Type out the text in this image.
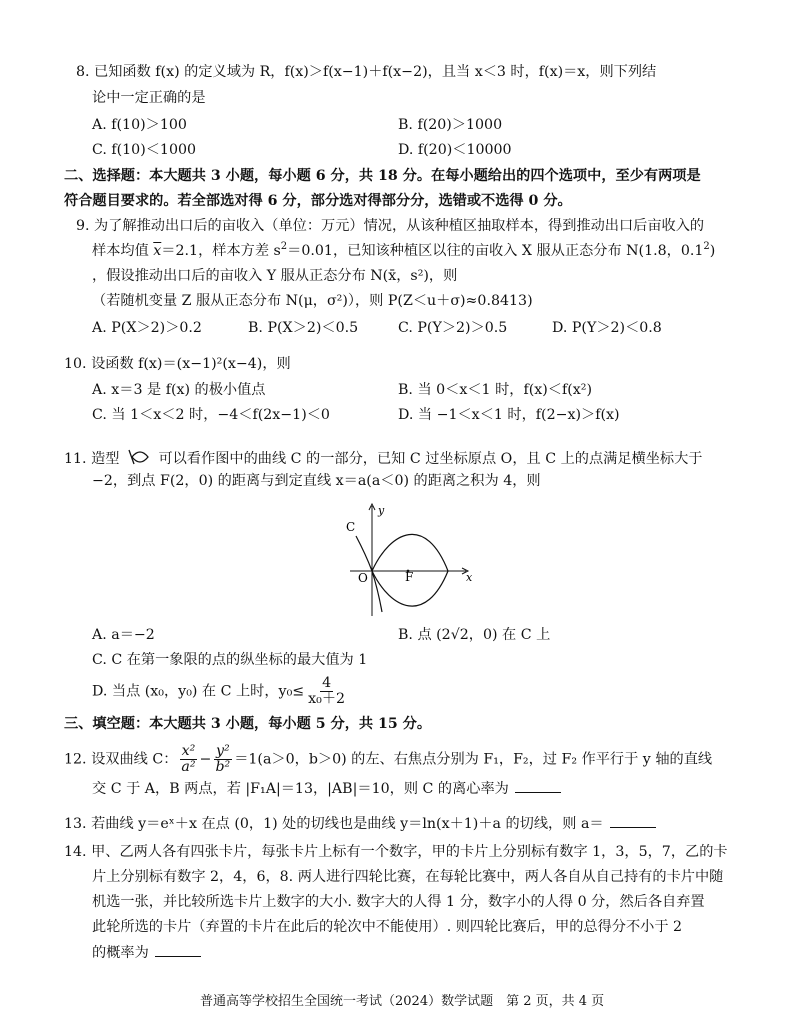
8. 已知函数 f(x) 的定义域为 R，f(x)＞f(x−1)＋f(x−2)，且当 x＜3 时，f(x)＝x，则下列结
论中一定正确的是
A. f(10)＞100	B. f(20)＞1000
C. f(10)＜1000	D. f(20)＜10000
二、选择题：本大题共 3 小题，每小题 6 分，共 18 分。在每小题给出的四个选项中，至少有两项是
符合题目要求的。若全部选对得 6 分，部分选对得部分分，选错或不选得 0 分。
9. 为了解推动出口后的亩收入（单位：万元）情况，从该种植区抽取样本，得到推动出口后亩收入的
样本均值 $\overline{x}=2.1$，样本方差 $s^2=0.01$，已知该种植区以往的亩收入 X 服从正态分布 N(1.8，$0.1^2$)
，假设推动出口后的亩收入 Y 服从正态分布 N(x̄，s²)，则
（若随机变量 Z 服从正态分布 N(μ，σ²)），则 P(Z＜u＋σ)≈0.8413)
A. P(X＞2)＞0.2	B. P(X＞2)＜0.5	C. P(Y＞2)＞0.5	D. P(Y＞2)＜0.8
10. 设函数 f(x)＝(x−1)²(x−4)，则
A. x＝3 是 f(x) 的极小值点	B. 当 0＜x＜1 时，f(x)＜f(x²)
C. 当 1＜x＜2 时，−4＜f(2x−1)＜0	D. 当 −1＜x＜1 时，f(2−x)＞f(x)
11. 造型	可以看作图中的曲线 C 的一部分，已知 C 过坐标原点 O，且 C 上的点满足横坐标大于
−2，到点 F(2，0) 的距离与到定直线 x＝a(a＜0) 的距离之积为 4，则
y
x
C
O	F
A. a＝−2	B. 点 (2√2，0) 在 C 上
C. C 在第一象限的点的纵坐标的最大值为 1
D. 当点 (x₀，y₀) 在 C 上时，$y_0\le \frac{4}{\text{x₀＋2}}$
三、填空题：本大题共 3 小题，每小题 5 分，共 15 分。
12. 设双曲线 C： $\frac{\text{x²}}{\text{a²}} - \frac{\text{y²}}{\text{b²}} =1(a>0$，b＞0) 的左、右焦点分别为 F₁，F₂，过 F₂ 作平行于 y 轴的直线
交 C 于 A，B 两点，若 |F₁A|＝13，|AB|＝10，则 C 的离心率为
13. 若曲线 y＝eˣ＋x 在点 (0，1) 处的切线也是曲线 y＝ln(x＋1)＋a 的切线，则 a＝
14. 甲、乙两人各有四张卡片，每张卡片上标有一个数字，甲的卡片上分别标有数字 1，3，5，7，乙的卡
片上分别标有数字 2，4，6，8. 两人进行四轮比赛，在每轮比赛中，两人各自从自己持有的卡片中随
机选一张，并比较所选卡片上数字的大小. 数字大的人得 1 分，数字小的人得 0 分，然后各自弃置
此轮所选的卡片（弃置的卡片在此后的轮次中不能使用）. 则四轮比赛后，甲的总得分不小于 2
的概率为
普通高等学校招生全国统一考试（2024）数学试题　第 2 页，共 4 页
